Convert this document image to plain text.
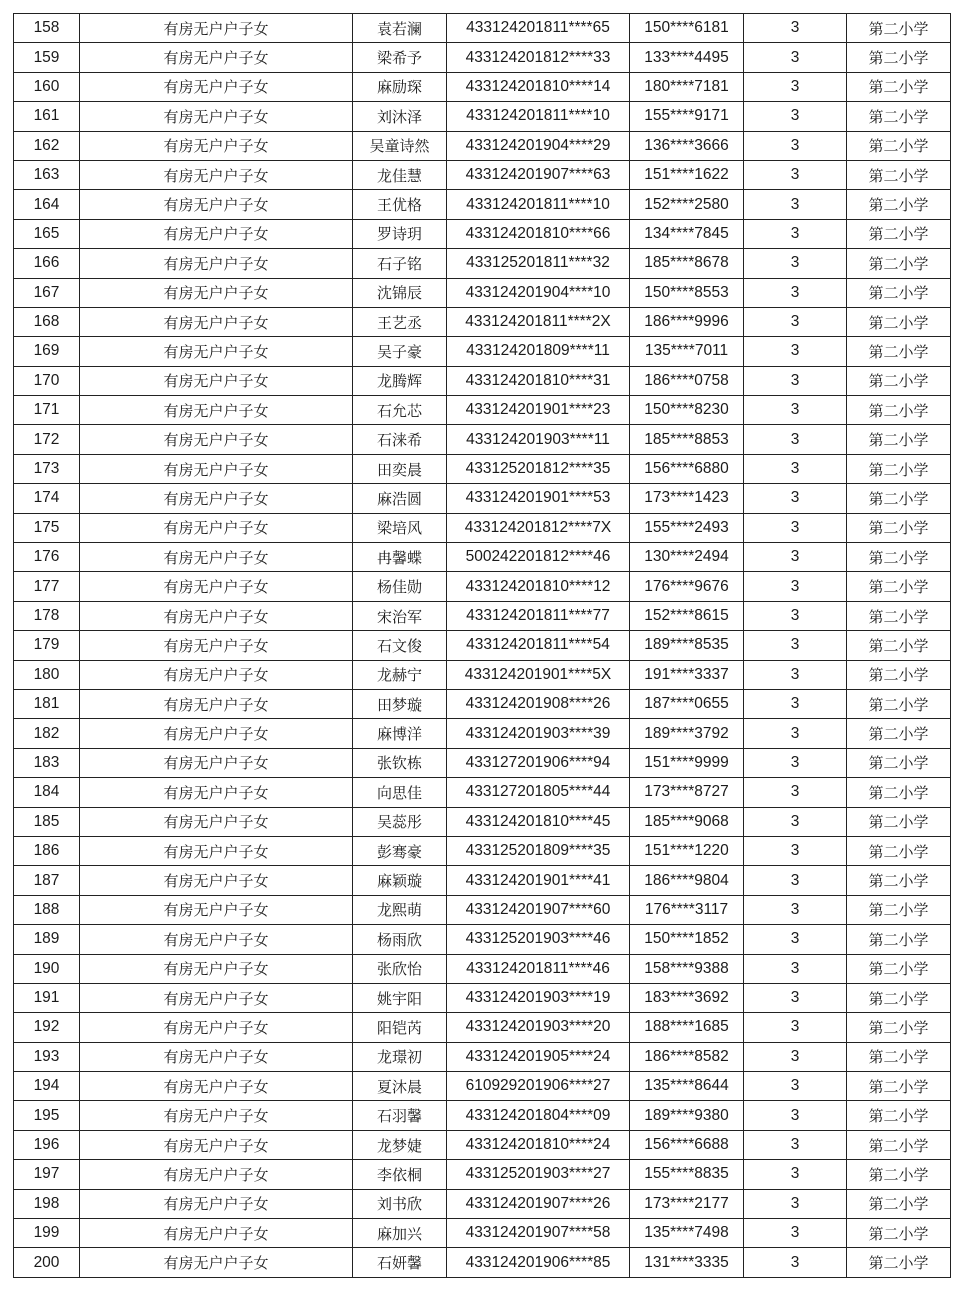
158	有房无户户子女	袁若澜	433124201811****65	150****6181	3	第二小学
159	有房无户户子女	梁希予	433124201812****33	133****4495	3	第二小学
160	有房无户户子女	麻励琛	433124201810****14	180****7181	3	第二小学
161	有房无户户子女	刘沐泽	433124201811****10	155****9171	3	第二小学
162	有房无户户子女	吴童诗然	433124201904****29	136****3666	3	第二小学
163	有房无户户子女	龙佳慧	433124201907****63	151****1622	3	第二小学
164	有房无户户子女	王优格	433124201811****10	152****2580	3	第二小学
165	有房无户户子女	罗诗玥	433124201810****66	134****7845	3	第二小学
166	有房无户户子女	石子铭	433125201811****32	185****8678	3	第二小学
167	有房无户户子女	沈锦辰	433124201904****10	150****8553	3	第二小学
168	有房无户户子女	王艺丞	433124201811****2X	186****9996	3	第二小学
169	有房无户户子女	吴子豪	433124201809****11	135****7011	3	第二小学
170	有房无户户子女	龙腾辉	433124201810****31	186****0758	3	第二小学
171	有房无户户子女	石允芯	433124201901****23	150****8230	3	第二小学
172	有房无户户子女	石涞希	433124201903****11	185****8853	3	第二小学
173	有房无户户子女	田奕晨	433125201812****35	156****6880	3	第二小学
174	有房无户户子女	麻浩圆	433124201901****53	173****1423	3	第二小学
175	有房无户户子女	梁培风	433124201812****7X	155****2493	3	第二小学
176	有房无户户子女	冉馨蝶	500242201812****46	130****2494	3	第二小学
177	有房无户户子女	杨佳勋	433124201810****12	176****9676	3	第二小学
178	有房无户户子女	宋治军	433124201811****77	152****8615	3	第二小学
179	有房无户户子女	石文俊	433124201811****54	189****8535	3	第二小学
180	有房无户户子女	龙赫宁	433124201901****5X	191****3337	3	第二小学
181	有房无户户子女	田梦璇	433124201908****26	187****0655	3	第二小学
182	有房无户户子女	麻博洋	433124201903****39	189****3792	3	第二小学
183	有房无户户子女	张钦栋	433127201906****94	151****9999	3	第二小学
184	有房无户户子女	向思佳	433127201805****44	173****8727	3	第二小学
185	有房无户户子女	吴蕊彤	433124201810****45	185****9068	3	第二小学
186	有房无户户子女	彭骞豪	433125201809****35	151****1220	3	第二小学
187	有房无户户子女	麻颖璇	433124201901****41	186****9804	3	第二小学
188	有房无户户子女	龙熙萌	433124201907****60	176****3117	3	第二小学
189	有房无户户子女	杨雨欣	433125201903****46	150****1852	3	第二小学
190	有房无户户子女	张欣怡	433124201811****46	158****9388	3	第二小学
191	有房无户户子女	姚宇阳	433124201903****19	183****3692	3	第二小学
192	有房无户户子女	阳铠芮	433124201903****20	188****1685	3	第二小学
193	有房无户户子女	龙璟初	433124201905****24	186****8582	3	第二小学
194	有房无户户子女	夏沐晨	610929201906****27	135****8644	3	第二小学
195	有房无户户子女	石羽馨	433124201804****09	189****9380	3	第二小学
196	有房无户户子女	龙梦婕	433124201810****24	156****6688	3	第二小学
197	有房无户户子女	李依桐	433125201903****27	155****8835	3	第二小学
198	有房无户户子女	刘书欣	433124201907****26	173****2177	3	第二小学
199	有房无户户子女	麻加兴	433124201907****58	135****7498	3	第二小学
200	有房无户户子女	石妍馨	433124201906****85	131****3335	3	第二小学
